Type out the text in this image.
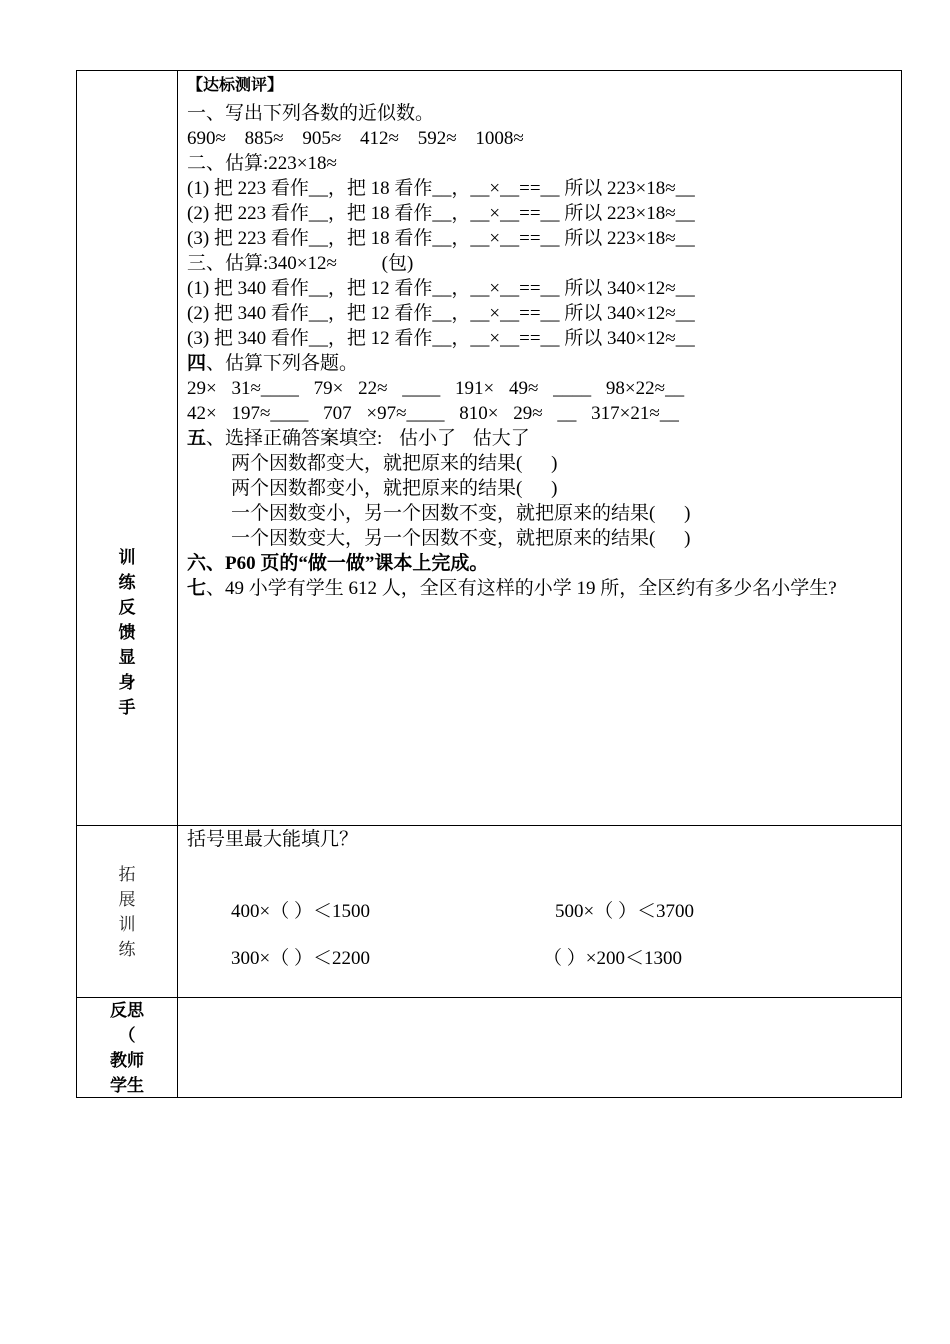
训
练
反
馈
显
身
手
【达标测评】
一、写出下列各数的近似数。
690≈ 885≈ 905≈ 412≈ 592≈ 1008≈
二、估算:223×18≈
(1) 把 223 看作__，把 18 看作__，__×__==__ 所以 223×18≈__
(2) 把 223 看作__，把 18 看作__，__×__==__ 所以 223×18≈__
(3) 把 223 看作__，把 18 看作__，__×__==__ 所以 223×18≈__
三、估算:340×12≈ (包)
(1) 把 340 看作__，把 12 看作__，__×__==__ 所以 340×12≈__
(2) 把 340 看作__，把 12 看作__，__×__==__ 所以 340×12≈__
(3) 把 340 看作__，把 12 看作__，__×__==__ 所以 340×12≈__
四、估算下列各题。
29× 31≈____ 79× 22≈ ____ 191× 49≈ ____ 98×22≈__
42× 197≈____ 707 ×97≈____ 810× 29≈ __ 317×21≈__
五、选择正确答案填空: 估小了 估大了
两个因数都变大，就把原来的结果( )
两个因数都变小，就把原来的结果( )
一个因数变小，另一个因数不变，就把原来的结果( )
一个因数变大，另一个因数不变，就把原来的结果( )
六、P60 页的“做一做”课本上完成。
七、49 小学有学生 612 人，全区有这样的小学 19 所，全区约有多少名小学生?
拓
展
训
练
括号里最大能填几？
400×（ ）＜1500	500×（ ）＜3700
300×（ ）＜2200	（ ）×200＜1300
反思
（
教师
学生
